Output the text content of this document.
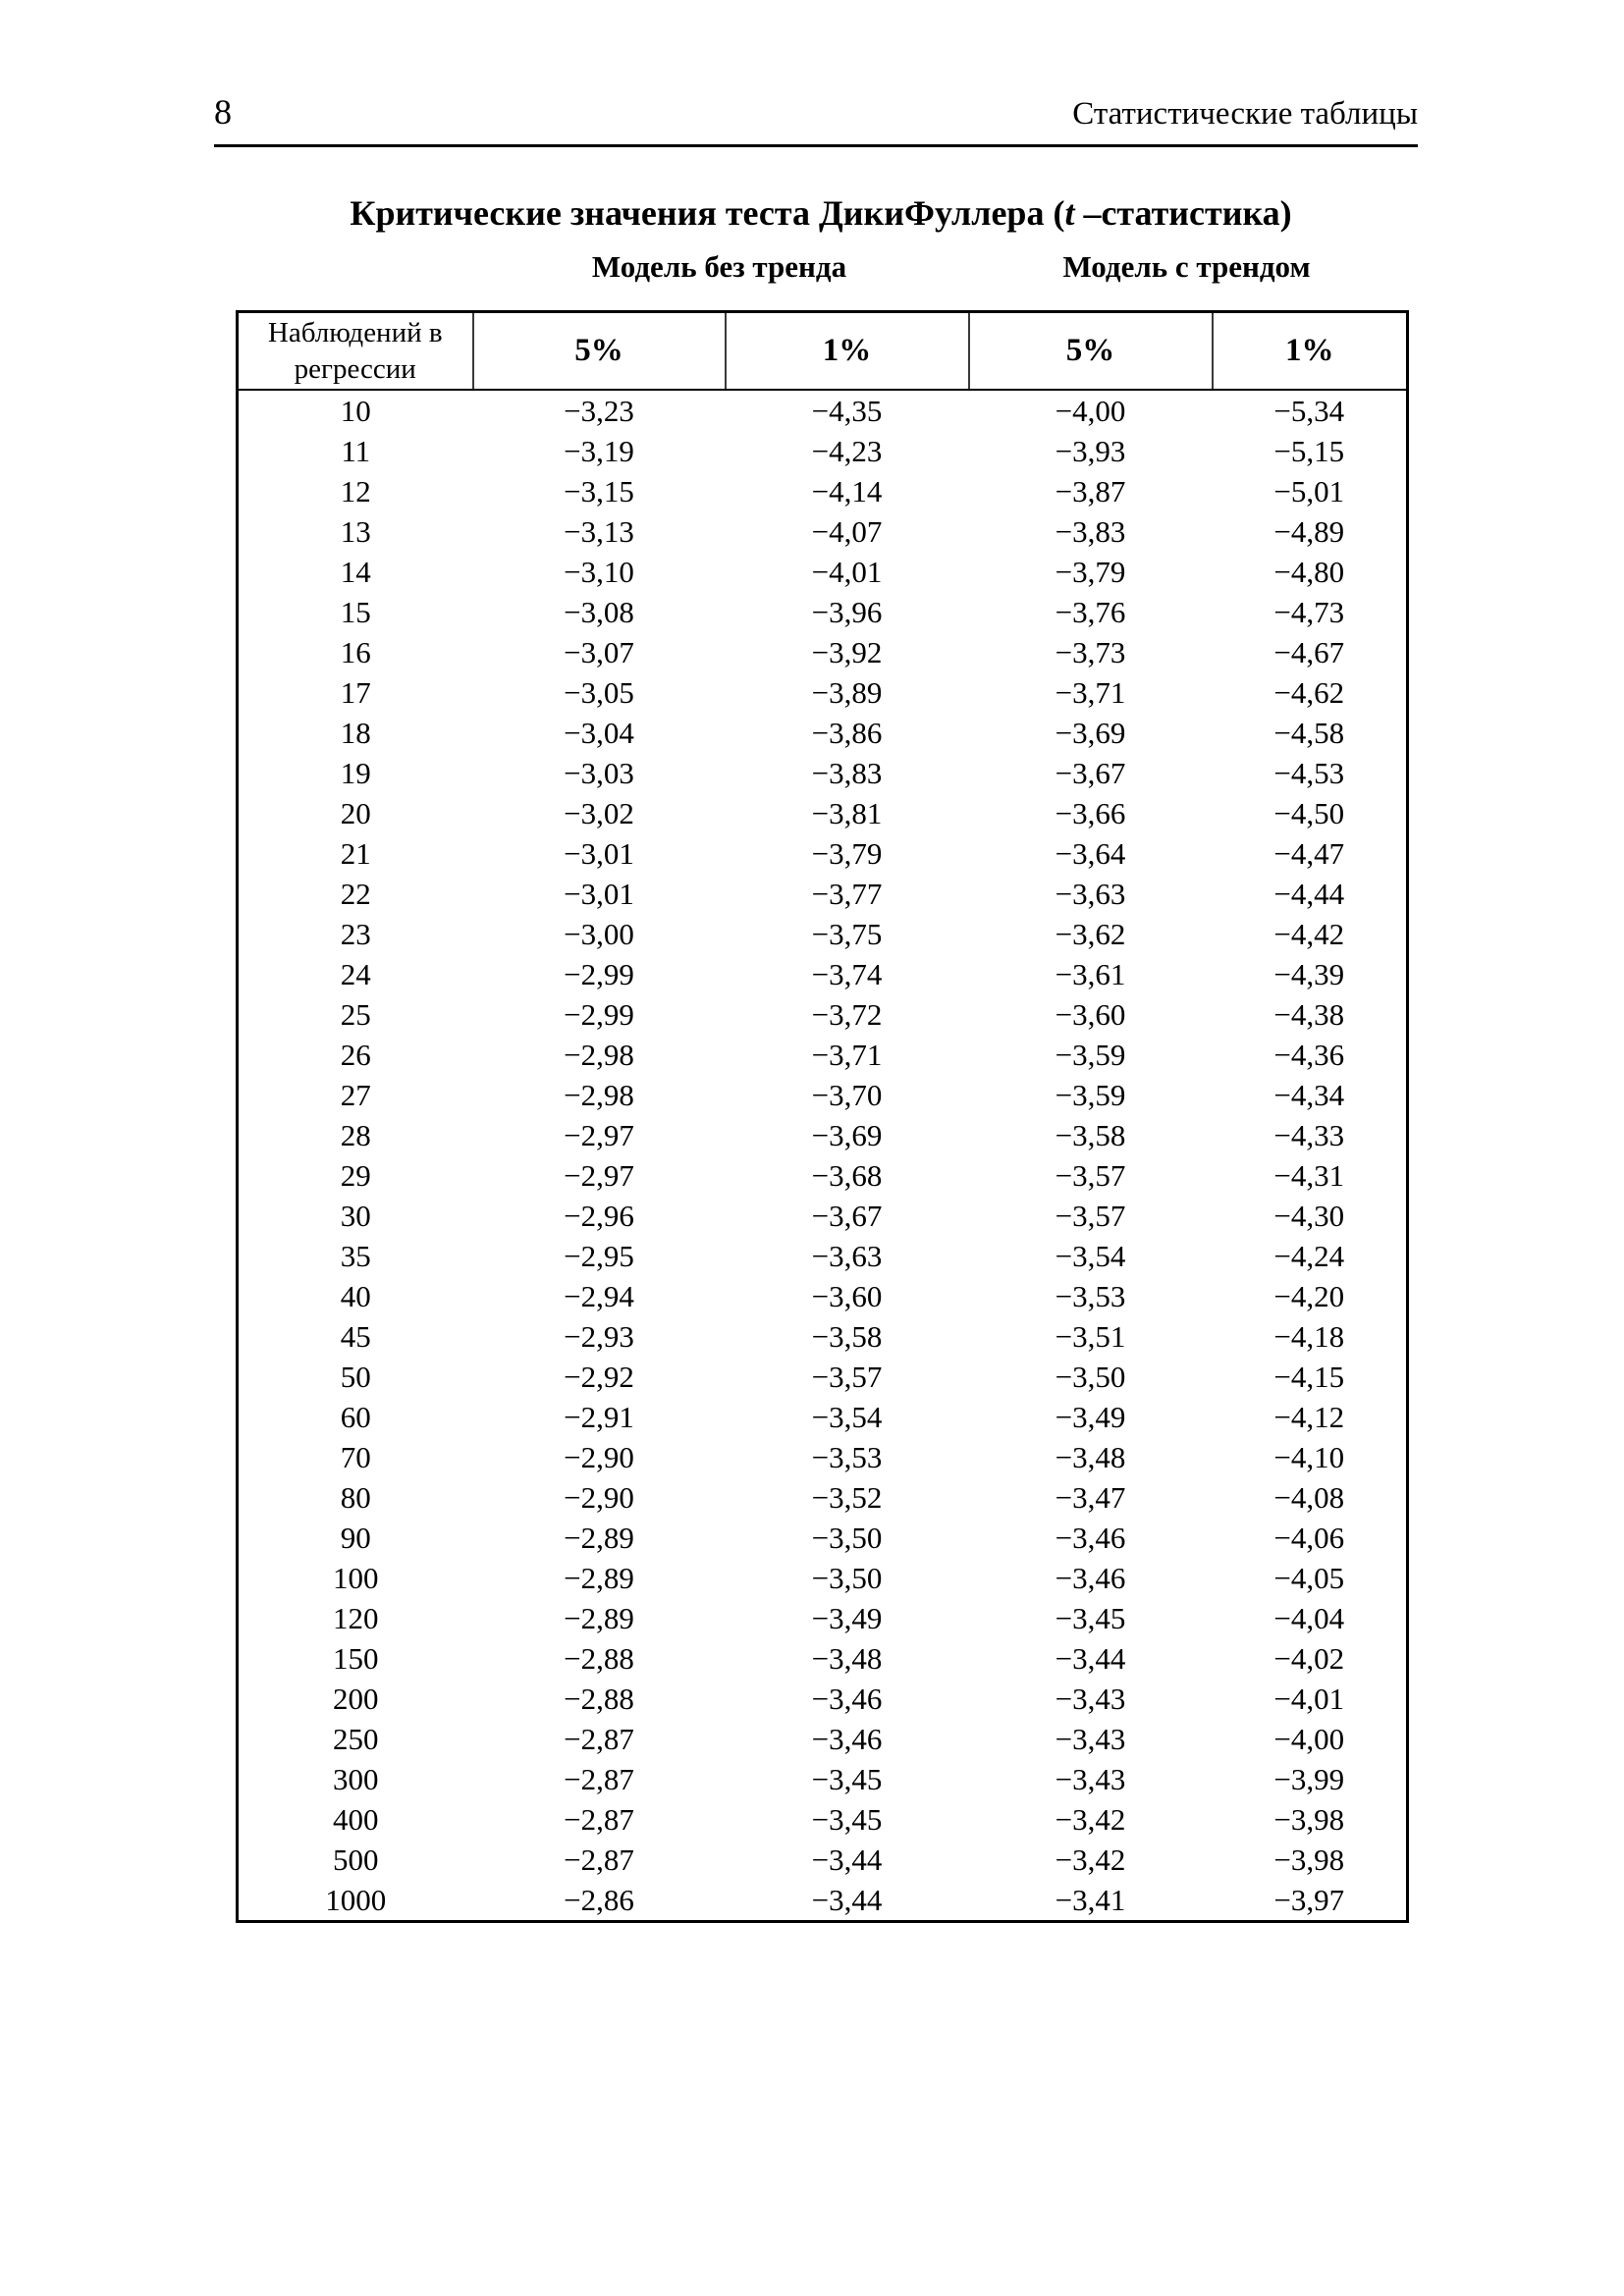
8	Статистические таблицы
Критические значения теста ДикиФуллера (t –статистика)
Модель без тренда	Модель с трендом
Наблюдений в
регрессии	5%	1%	5%	1%
10	−3,23	−4,35	−4,00	−5,34
11	−3,19	−4,23	−3,93	−5,15
12	−3,15	−4,14	−3,87	−5,01
13	−3,13	−4,07	−3,83	−4,89
14	−3,10	−4,01	−3,79	−4,80
15	−3,08	−3,96	−3,76	−4,73
16	−3,07	−3,92	−3,73	−4,67
17	−3,05	−3,89	−3,71	−4,62
18	−3,04	−3,86	−3,69	−4,58
19	−3,03	−3,83	−3,67	−4,53
20	−3,02	−3,81	−3,66	−4,50
21	−3,01	−3,79	−3,64	−4,47
22	−3,01	−3,77	−3,63	−4,44
23	−3,00	−3,75	−3,62	−4,42
24	−2,99	−3,74	−3,61	−4,39
25	−2,99	−3,72	−3,60	−4,38
26	−2,98	−3,71	−3,59	−4,36
27	−2,98	−3,70	−3,59	−4,34
28	−2,97	−3,69	−3,58	−4,33
29	−2,97	−3,68	−3,57	−4,31
30	−2,96	−3,67	−3,57	−4,30
35	−2,95	−3,63	−3,54	−4,24
40	−2,94	−3,60	−3,53	−4,20
45	−2,93	−3,58	−3,51	−4,18
50	−2,92	−3,57	−3,50	−4,15
60	−2,91	−3,54	−3,49	−4,12
70	−2,90	−3,53	−3,48	−4,10
80	−2,90	−3,52	−3,47	−4,08
90	−2,89	−3,50	−3,46	−4,06
100	−2,89	−3,50	−3,46	−4,05
120	−2,89	−3,49	−3,45	−4,04
150	−2,88	−3,48	−3,44	−4,02
200	−2,88	−3,46	−3,43	−4,01
250	−2,87	−3,46	−3,43	−4,00
300	−2,87	−3,45	−3,43	−3,99
400	−2,87	−3,45	−3,42	−3,98
500	−2,87	−3,44	−3,42	−3,98
1000	−2,86	−3,44	−3,41	−3,97
